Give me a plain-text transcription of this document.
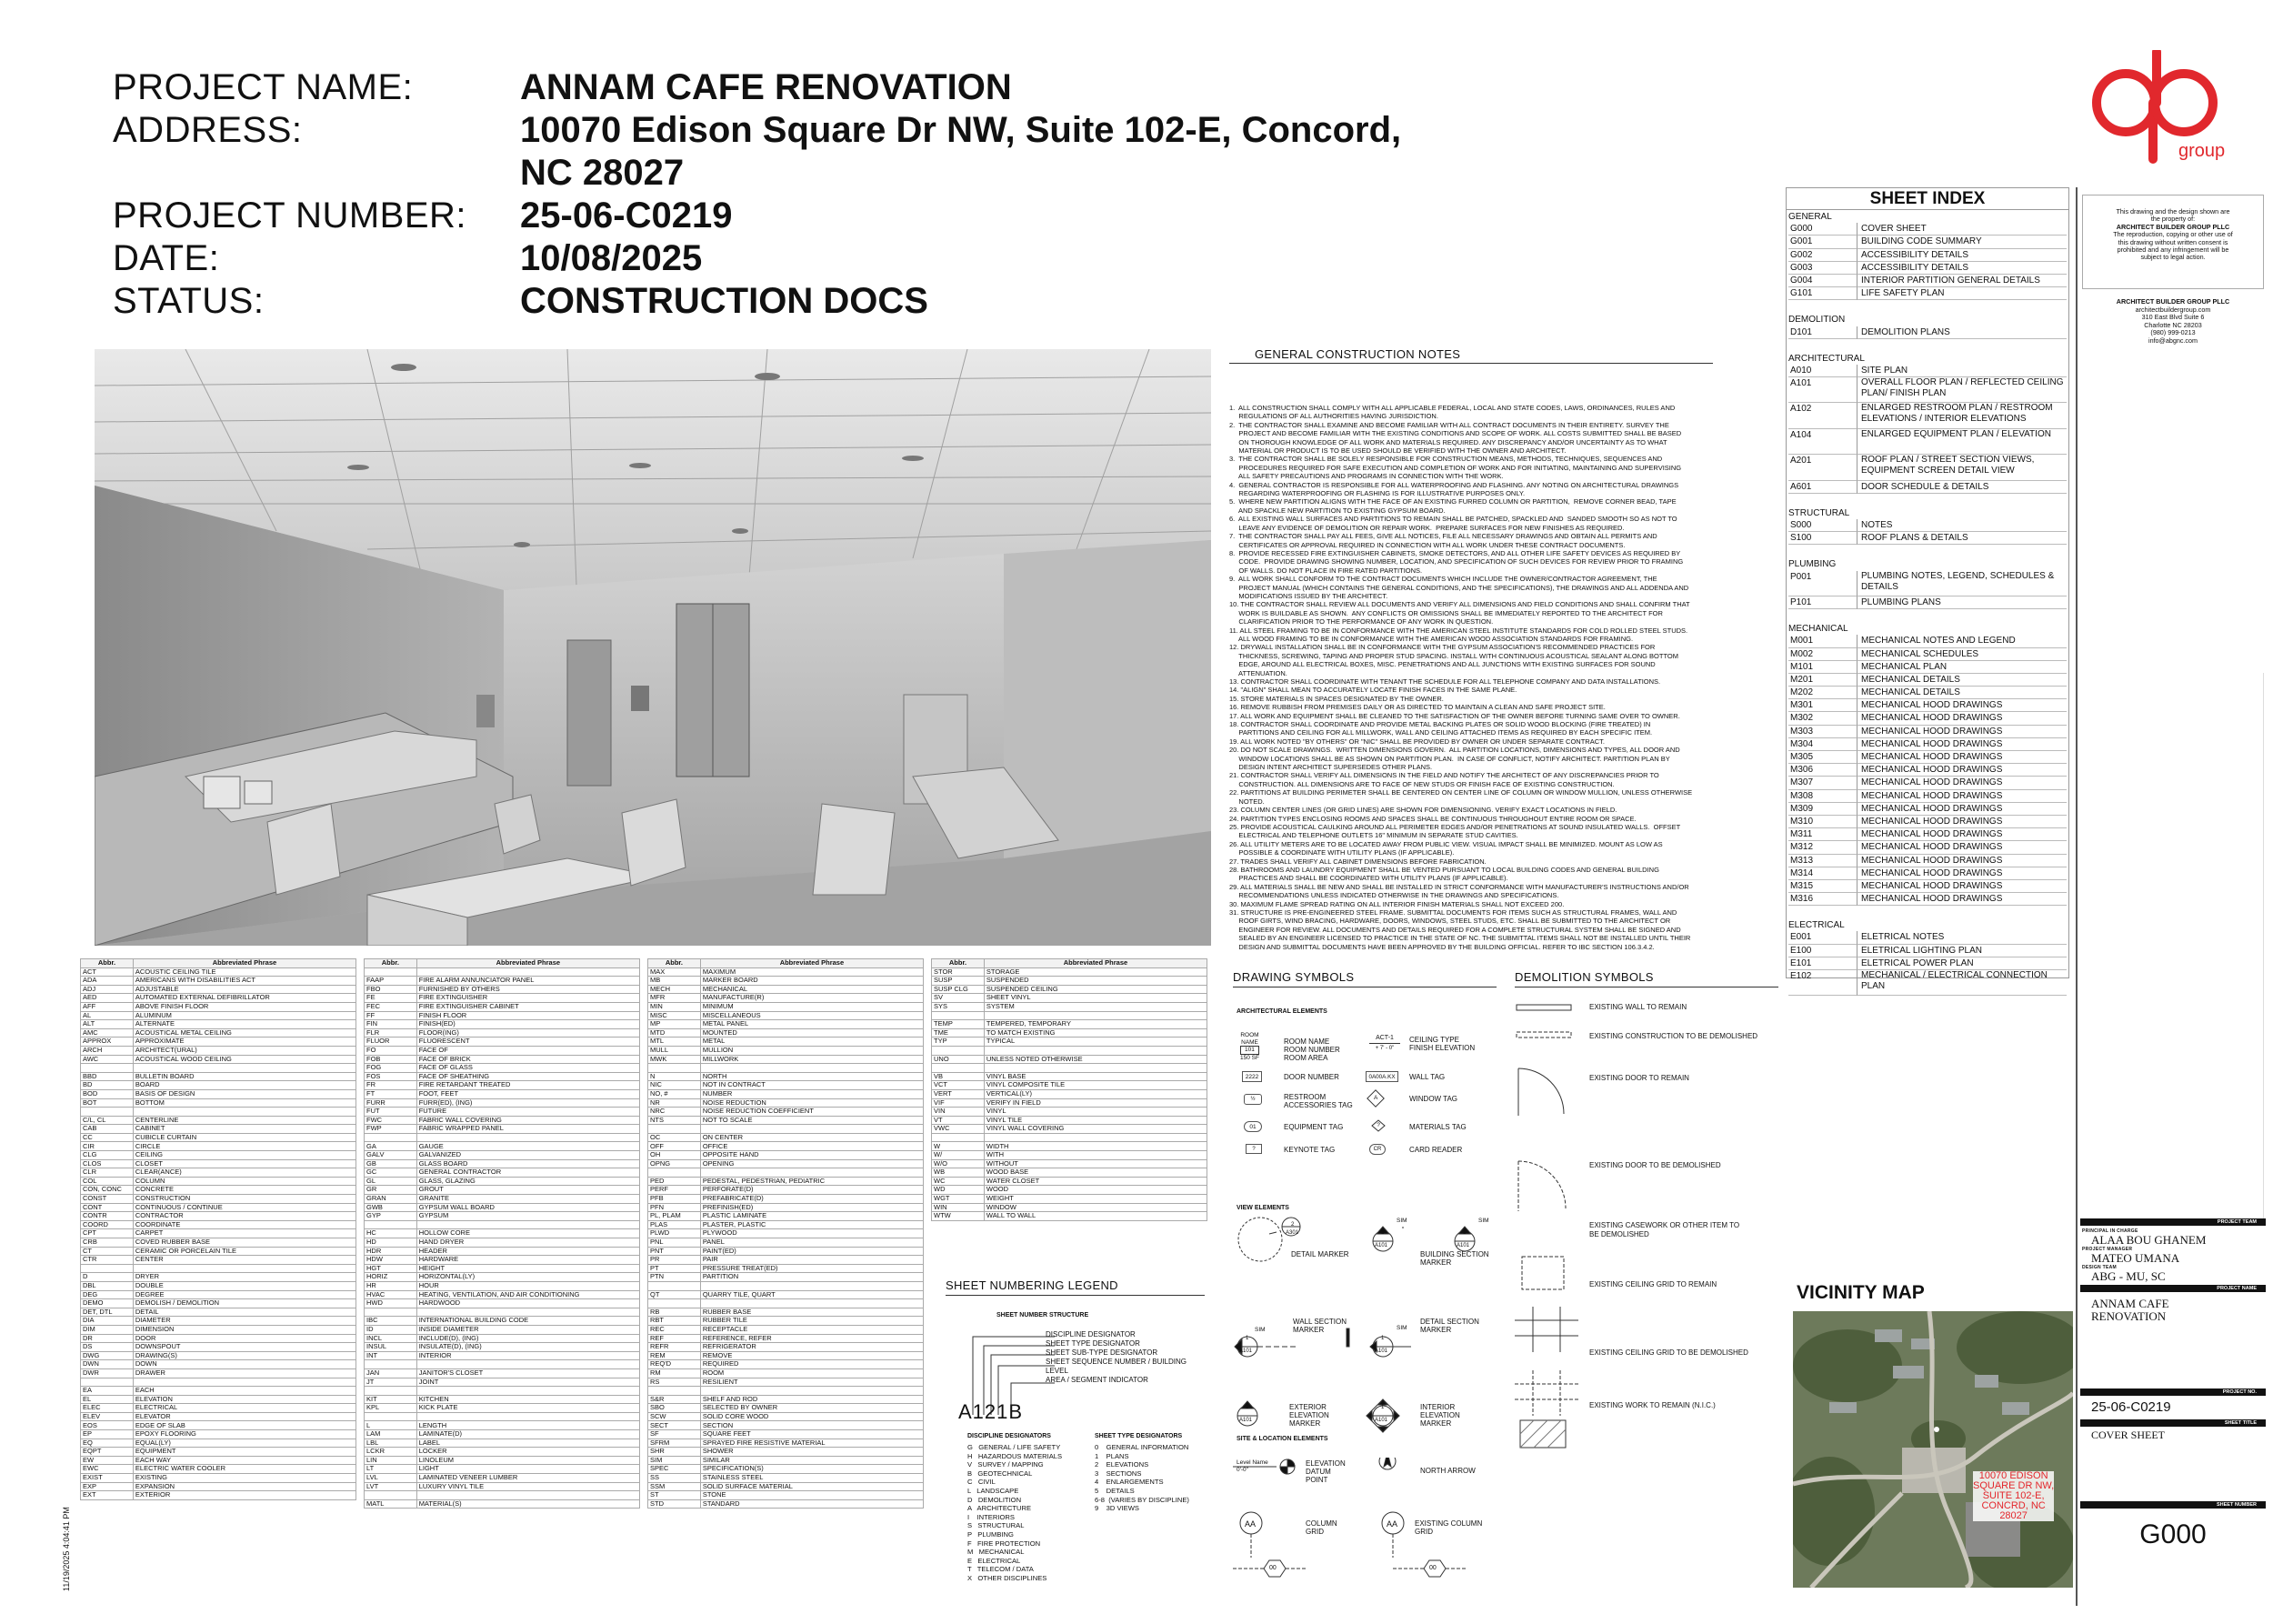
PROJECT NAME:	ANNAM CAFE RENOVATION
ADDRESS:	10070 Edison Square Dr NW, Suite 102-E, Concord,
NC 28027
PROJECT NUMBER: 25-06-C0219
DATE:	10/08/2025
STATUS:	CONSTRUCTION DOCS
group
GENERAL CONSTRUCTION NOTES
1.  ALL CONSTRUCTION SHALL COMPLY WITH ALL APPLICABLE FEDERAL, LOCAL AND STATE CODES, LAWS, ORDINANCES, RULES AND
REGULATIONS OF ALL AUTHORITIES HAVING JURISDICTION.
2.  THE CONTRACTOR SHALL EXAMINE AND BECOME FAMILIAR WITH ALL CONTRACT DOCUMENTS IN THEIR ENTIRETY. SURVEY THE
PROJECT AND BECOME FAMILIAR WITH THE EXISTING CONDITIONS AND SCOPE OF WORK. ALL COSTS SUBMITTED SHALL BE BASED
ON THOROUGH KNOWLEDGE OF ALL WORK AND MATERIALS REQUIRED. ANY DISCREPANCY AND/OR UNCERTAINTY AS TO WHAT
MATERIAL OR PRODUCT IS TO BE USED SHOULD BE VERIFIED WITH THE OWNER AND ARCHITECT.
3.  THE CONTRACTOR SHALL BE SOLELY RESPONSIBLE FOR CONSTRUCTION MEANS, METHODS, TECHNIQUES, SEQUENCES AND
PROCEDURES REQUIRED FOR SAFE EXECUTION AND COMPLETION OF WORK AND FOR INITIATING, MAINTAINING AND SUPERVISING
ALL SAFETY PRECAUTIONS AND PROGRAMS IN CONNECTION WITH THE WORK.
4.  GENERAL CONTRACTOR IS RESPONSIBLE FOR ALL WATERPROOFING AND FLASHING. ANY NOTING ON ARCHITECTURAL DRAWINGS
REGARDING WATERPROOFING OR FLASHING IS FOR ILLUSTRATIVE PURPOSES ONLY.
5.  WHERE NEW PARTITION ALIGNS WITH THE FACE OF AN EXISTING FURRED COLUMN OR PARTITION,  REMOVE CORNER BEAD, TAPE
AND SPACKLE NEW PARTITION TO EXISTING GYPSUM BOARD.
6.  ALL EXISTING WALL SURFACES AND PARTITIONS TO REMAIN SHALL BE PATCHED, SPACKLED AND  SANDED SMOOTH SO AS NOT TO
LEAVE ANY EVIDENCE OF DEMOLITION OR REPAIR WORK.  PREPARE SURFACES FOR NEW FINISHES AS REQUIRED.
7.  THE CONTRACTOR SHALL PAY ALL FEES, GIVE ALL NOTICES, FILE ALL NECESSARY DRAWINGS AND OBTAIN ALL PERMITS AND
CERTIFICATES OR APPROVAL REQUIRED IN CONNECTION WITH ALL WORK UNDER THESE CONTRACT DOCUMENTS.
8.  PROVIDE RECESSED FIRE EXTINGUISHER CABINETS, SMOKE DETECTORS, AND ALL OTHER LIFE SAFETY DEVICES AS REQUIRED BY
CODE.  PROVIDE DRAWING SHOWING NUMBER, LOCATION, AND SPECIFICATION OF SUCH DEVICES FOR REVIEW PRIOR TO FRAMING
OF WALLS. DO NOT PLACE IN FIRE RATED PARTITIONS.
9.  ALL WORK SHALL CONFORM TO THE CONTRACT DOCUMENTS WHICH INCLUDE THE OWNER/CONTRACTOR AGREEMENT, THE
PROJECT MANUAL (WHICH CONTAINS THE GENERAL CONDITIONS, AND THE SPECIFICATIONS), THE DRAWINGS AND ALL ADDENDA AND
MODIFICATIONS ISSUED BY THE ARCHITECT.
10. THE CONTRACTOR SHALL REVIEW ALL DOCUMENTS AND VERIFY ALL DIMENSIONS AND FIELD CONDITIONS AND SHALL CONFIRM THAT
WORK IS BUILDABLE AS SHOWN.  ANY CONFLICTS OR OMISSIONS SHALL BE IMMEDIATELY REPORTED TO THE ARCHITECT FOR
CLARIFICATION PRIOR TO THE PERFORMANCE OF ANY WORK IN QUESTION.
11. ALL STEEL FRAMING TO BE IN CONFORMANCE WITH THE AMERICAN STEEL INSTITUTE STANDARDS FOR COLD ROLLED STEEL STUDS.
ALL WOOD FRAMING TO BE IN CONFORMANCE WITH THE AMERICAN WOOD ASSOCIATION STANDARDS FOR FRAMING.
12. DRYWALL INSTALLATION SHALL BE IN CONFORMANCE WITH THE GYPSUM ASSOCIATION'S RECOMMENDED PRACTICES FOR
THICKNESS, SCREWING, TAPING AND PROPER STUD SPACING. INSTALL WITH CONTINUOUS ACOUSTICAL SEALANT ALONG BOTTOM
EDGE, AROUND ALL ELECTRICAL BOXES, MISC. PENETRATIONS AND ALL JUNCTIONS WITH EXISTING SURFACES FOR SOUND
ATTENUATION.
13. CONTRACTOR SHALL COORDINATE WITH TENANT THE SCHEDULE FOR ALL TELEPHONE COMPANY AND DATA INSTALLATIONS.
14. "ALIGN" SHALL MEAN TO ACCURATELY LOCATE FINISH FACES IN THE SAME PLANE.
15. STORE MATERIALS IN SPACES DESIGNATED BY THE OWNER.
16. REMOVE RUBBISH FROM PREMISES DAILY OR AS DIRECTED TO MAINTAIN A CLEAN AND SAFE PROJECT SITE.
17. ALL WORK AND EQUIPMENT SHALL BE CLEANED TO THE SATISFACTION OF THE OWNER BEFORE TURNING SAME OVER TO OWNER.
18. CONTRACTOR SHALL COORDINATE AND PROVIDE METAL BACKING PLATES OR SOLID WOOD BLOCKING (FIRE TREATED) IN
PARTITIONS AND CEILING FOR ALL MILLWORK, WALL AND CEILING ATTACHED ITEMS AS REQUIRED BY EACH SPECIFIC ITEM.
19. ALL WORK NOTED "BY OTHERS" OR "NIC" SHALL BE PROVIDED BY OWNER OR UNDER SEPARATE CONTRACT.
20. DO NOT SCALE DRAWINGS.  WRITTEN DIMENSIONS GOVERN.  ALL PARTITION LOCATIONS, DIMENSIONS AND TYPES, ALL DOOR AND
WINDOW LOCATIONS SHALL BE AS SHOWN ON PARTITION PLAN.  IN CASE OF CONFLICT, NOTIFY ARCHITECT. PARTITION PLAN BY
DESIGN INTENT ARCHITECT SUPERSEDES OTHER PLANS.
21. CONTRACTOR SHALL VERIFY ALL DIMENSIONS IN THE FIELD AND NOTIFY THE ARCHITECT OF ANY DISCREPANCIES PRIOR TO
CONSTRUCTION. ALL DIMENSIONS ARE TO FACE OF NEW STUDS OR FINISH FACE OF EXISTING CONSTRUCTION.
22. PARTITIONS AT BUILDING PERIMETER SHALL BE CENTERED ON CENTER LINE OF COLUMN OR WINDOW MULLION, UNLESS OTHERWISE
NOTED.
23. COLUMN CENTER LINES (OR GRID LINES) ARE SHOWN FOR DIMENSIONING. VERIFY EXACT LOCATIONS IN FIELD.
24. PARTITION TYPES ENCLOSING ROOMS AND SPACES SHALL BE CONTINUOUS THROUGHOUT ENTIRE ROOM OR SPACE.
25. PROVIDE ACOUSTICAL CAULKING AROUND ALL PERIMETER EDGES AND/OR PENETRATIONS AT SOUND INSULATED WALLS.  OFFSET
ELECTRICAL AND TELEPHONE OUTLETS 16" MINIMUM IN SEPARATE STUD CAVITIES.
26. ALL UTILITY METERS ARE TO BE LOCATED AWAY FROM PUBLIC VIEW. VISUAL IMPACT SHALL BE MINIMIZED. MOUNT AS LOW AS
POSSIBLE & COORDINATE WITH UTILITY PLANS (IF APPLICABLE).
27. TRADES SHALL VERIFY ALL CABINET DIMENSIONS BEFORE FABRICATION.
28. BATHROOMS AND LAUNDRY EQUIPMENT SHALL BE VENTED PURSUANT TO LOCAL BUILDING CODES AND GENERAL BUILDING
PRACTICES AND SHALL BE COORDINATED WITH UTILITY PLANS (IF APPLICABLE).
29. ALL MATERIALS SHALL BE NEW AND SHALL BE INSTALLED IN STRICT CONFORMANCE WITH MANUFACTURER'S INSTRUCTIONS AND/OR
RECOMMENDATIONS UNLESS INDICATED OTHERWISE IN THE DRAWINGS AND SPECIFICATIONS.
30. MAXIMUM FLAME SPREAD RATING ON ALL INTERIOR FINISH MATERIALS SHALL NOT EXCEED 200.
31. STRUCTURE IS PRE-ENGINEERED STEEL FRAME. SUBMITTAL DOCUMENTS FOR ITEMS SUCH AS STRUCTURAL FRAMES, WALL AND
ROOF GIRTS, WIND BRACING, HARDWARE, DOORS, WINDOWS, STEEL STUDS, ETC. SHALL BE SUBMITTED TO THE ARCHITECT OR
ENGINEER FOR REVIEW. ALL DOCUMENTS AND DETAILS REQUIRED FOR A COMPLETE STRUCTURAL SYSTEM SHALL BE SIGNED AND
SEALED BY AN ENGINEER LICENSED TO PRACTICE IN THE STATE OF NC. THE SUBMITTAL ITEMS SHALL NOT BE INSTALLED UNTIL THEIR
DESIGN AND SUBMITTAL DOCUMENTS HAVE BEEN APPROVED BY THE BUILDING OFFICIAL. REFER TO IBC SECTION 106.3.4.2.
SHEET INDEX
GENERAL
G000	COVER SHEET
G001	BUILDING CODE SUMMARY
G002	ACCESSIBILITY DETAILS
G003	ACCESSIBILITY DETAILS
G004	INTERIOR PARTITION GENERAL DETAILS
G101	LIFE SAFETY PLAN
DEMOLITION
D101	DEMOLITION PLANS
ARCHITECTURAL
A010	SITE PLAN
A101	OVERALL FLOOR PLAN / REFLECTED CEILING PLAN/ FINISH PLAN
A102	ENLARGED RESTROOM PLAN / RESTROOM ELEVATIONS / INTERIOR ELEVATIONS
A104	ENLARGED EQUIPMENT PLAN / ELEVATION
A201	ROOF PLAN / STREET SECTION VIEWS, EQUIPMENT SCREEN DETAIL VIEW
A601	DOOR SCHEDULE & DETAILS
STRUCTURAL
S000	NOTES
S100	ROOF PLANS & DETAILS
PLUMBING
P001	PLUMBING NOTES, LEGEND, SCHEDULES & DETAILS
P101	PLUMBING PLANS
MECHANICAL
M001	MECHANICAL NOTES AND LEGEND
M002	MECHANICAL SCHEDULES
M101	MECHANICAL PLAN
M201	MECHANICAL DETAILS
M202	MECHANICAL DETAILS
M301	MECHANICAL HOOD DRAWINGS
M302	MECHANICAL HOOD DRAWINGS
M303	MECHANICAL HOOD DRAWINGS
M304	MECHANICAL HOOD DRAWINGS
M305	MECHANICAL HOOD DRAWINGS
M306	MECHANICAL HOOD DRAWINGS
M307	MECHANICAL HOOD DRAWINGS
M308	MECHANICAL HOOD DRAWINGS
M309	MECHANICAL HOOD DRAWINGS
M310	MECHANICAL HOOD DRAWINGS
M311	MECHANICAL HOOD DRAWINGS
M312	MECHANICAL HOOD DRAWINGS
M313	MECHANICAL HOOD DRAWINGS
M314	MECHANICAL HOOD DRAWINGS
M315	MECHANICAL HOOD DRAWINGS
M316	MECHANICAL HOOD DRAWINGS
ELECTRICAL
E001	ELETRICAL NOTES
E100	ELETRICAL LIGHTING PLAN
E101	ELETRICAL POWER PLAN
E102	MECHANICAL / ELECTRICAL CONNECTION PLAN
This drawing and the design shown are
the property of:
ARCHITECT BUILDER GROUP PLLC
The reproduction, copying or other use of
this drawing without written consent is
prohibited and any infringement will be
subject to legal action.
ARCHITECT BUILDER GROUP PLLC
architectbuildergroup.com
310 East Blvd Suite 6
Charlotte NC 28203
(980) 999-0213
info@abgnc.com
Abbr.	Abbreviated Phrase
ACT	ACOUSTIC CEILING TILE
ADA	AMERICANS WITH DISABILITIES ACT
ADJ	ADJUSTABLE
AED	AUTOMATED EXTERNAL DEFIBRILLATOR
AFF	ABOVE FINISH FLOOR
AL	ALUMINUM
ALT	ALTERNATE
AMC	ACOUSTICAL METAL CEILING
APPROX	APPROXIMATE
ARCH	ARCHITECT(URAL)
AWC	ACOUSTICAL WOOD CEILING

BBD	BULLETIN BOARD
BD	BOARD
BOD	BASIS OF DESIGN
BOT	BOTTOM

C/L, CL	CENTERLINE
CAB	CABINET
CC	CUBICLE CURTAIN
CIR	CIRCLE
CLG	CEILING
CLOS	CLOSET
CLR	CLEAR(ANCE)
COL	COLUMN
CON, CONC	CONCRETE
CONST	CONSTRUCTION
CONT	CONTINUOUS / CONTINUE
CONTR	CONTRACTOR
COORD	COORDINATE
CPT	CARPET
CRB	COVED RUBBER BASE
CT	CERAMIC OR PORCELAIN TILE
CTR	CENTER

D	DRYER
DBL	DOUBLE
DEG	DEGREE
DEMO	DEMOLISH / DEMOLITION
DET, DTL	DETAIL
DIA	DIAMETER
DIM	DIMENSION
DR	DOOR
DS	DOWNSPOUT
DWG	DRAWING(S)
DWN	DOWN
DWR	DRAWER

EA	EACH
EL	ELEVATION
ELEC	ELECTRICAL
ELEV	ELEVATOR
EOS	EDGE OF SLAB
EP	EPOXY FLOORING
EQ	EQUAL(LY)
EQPT	EQUIPMENT
EW	EACH WAY
EWC	ELECTRIC WATER COOLER
EXIST	EXISTING
EXP	EXPANSION
EXT	EXTERIOR
Abbr.	Abbreviated Phrase

FAAP	FIRE ALARM ANNUNCIATOR PANEL
FBO	FURNISHED BY OTHERS
FE	FIRE EXTINGUISHER
FEC	FIRE EXTINGUISHER CABINET
FF	FINISH FLOOR
FIN	FINISH(ED)
FLR	FLOOR(ING)
FLUOR	FLUORESCENT
FO	FACE OF
FOB	FACE OF BRICK
FOG	FACE OF GLASS
FOS	FACE OF SHEATHING
FR	FIRE RETARDANT TREATED
FT	FOOT, FEET
FURR	FURR(ED), (ING)
FUT	FUTURE
FWC	FABRIC WALL COVERING
FWP	FABRIC WRAPPED PANEL

GA	GAUGE
GALV	GALVANIZED
GB	GLASS BOARD
GC	GENERAL CONTRACTOR
GL	GLASS, GLAZING
GR	GROUT
GRAN	GRANITE
GWB	GYPSUM WALL BOARD
GYP	GYPSUM

HC	HOLLOW CORE
HD	HAND DRYER
HDR	HEADER
HDW	HARDWARE
HGT	HEIGHT
HORIZ	HORIZONTAL(LY)
HR	HOUR
HVAC	HEATING, VENTILATION, AND AIR CONDITIONING
HWD	HARDWOOD

IBC	INTERNATIONAL BUILDING CODE
ID	INSIDE DIAMETER
INCL	INCLUDE(D), (ING)
INSUL	INSULATE(D), (ING)
INT	INTERIOR

JAN	JANITOR'S CLOSET
JT	JOINT

KIT	KITCHEN
KPL	KICK PLATE

L	LENGTH
LAM	LAMINATE(D)
LBL	LABEL
LCKR	LOCKER
LIN	LINOLEUM
LT	LIGHT
LVL	LAMINATED VENEER LUMBER
LVT	LUXURY VINYL TILE

MATL	MATERIAL(S)
Abbr.	Abbreviated Phrase
MAX	MAXIMUM
MB	MARKER BOARD
MECH	MECHANICAL
MFR	MANUFACTURE(R)
MIN	MINIMUM
MISC	MISCELLANEOUS
MP	METAL PANEL
MTD	MOUNTED
MTL	METAL
MULL	MULLION
MWK	MILLWORK

N	NORTH
NIC	NOT IN CONTRACT
NO, #	NUMBER
NR	NOISE REDUCTION
NRC	NOISE REDUCTION COEFFICIENT
NTS	NOT TO SCALE

OC	ON CENTER
OFF	OFFICE
OH	OPPOSITE HAND
OPNG	OPENING

PED	PEDESTAL, PEDESTRIAN, PEDIATRIC
PERF	PERFORATE(D)
PFB	PREFABRICATE(D)
PFN	PREFINISH(ED)
PL, PLAM	PLASTIC LAMINATE
PLAS	PLASTER, PLASTIC
PLWD	PLYWOOD
PNL	PANEL
PNT	PAINT(ED)
PR	PAIR
PT	PRESSURE TREAT(ED)
PTN	PARTITION

QT	QUARRY TILE, QUART

RB	RUBBER BASE
RBT	RUBBER TILE
REC	RECEPTACLE
REF	REFERENCE, REFER
REFR	REFRIGERATOR
REM	REMOVE
REQ'D	REQUIRED
RM	ROOM
RS	RESILIENT

S&R	SHELF AND ROD
SBO	SELECTED BY OWNER
SCW	SOLID CORE WOOD
SECT	SECTION
SF	SQUARE FEET
SFRM	SPRAYED FIRE RESISTIVE MATERIAL
SHR	SHOWER
SIM	SIMILAR
SPEC	SPECIFICATION(S)
SS	STAINLESS STEEL
SSM	SOLID SURFACE MATERIAL
ST	STONE
STD	STANDARD
Abbr.	Abbreviated Phrase
STOR	STORAGE
SUSP	SUSPENDED
SUSP CLG	SUSPENDED CEILING
SV	SHEET VINYL
SYS	SYSTEM

TEMP	TEMPERED, TEMPORARY
TME	TO MATCH EXISTING
TYP	TYPICAL

UNO	UNLESS NOTED OTHERWISE

VB	VINYL BASE
VCT	VINYL COMPOSITE TILE
VERT	VERTICAL(LY)
VIF	VERIFY IN FIELD
VIN	VINYL
VT	VINYL TILE
VWC	VINYL WALL COVERING

W	WIDTH
W/	WITH
W/O	WITHOUT
WB	WOOD BASE
WC	WATER CLOSET
WD	WOOD
WGT	WEIGHT
WIN	WINDOW
WTW	WALL TO WALL
SHEET NUMBERING LEGEND
SHEET NUMBER STRUCTURE
DISCIPLINE DESIGNATOR
SHEET TYPE DESIGNATOR
SHEET SUB-TYPE DESIGNATOR
SHEET SEQUENCE NUMBER / BUILDING LEVEL
AREA / SEGMENT INDICATOR
A121B
DISCIPLINE DESIGNATORS
G   GENERAL / LIFE SAFETY
H   HAZARDOUS MATERIALS
V   SURVEY / MAPPING
B   GEOTECHNICAL
C   CIVIL
L   LANDSCAPE
D   DEMOLITION
A   ARCHITECTURE
I    INTERIORS
S   STRUCTURAL
P   PLUMBING
F   FIRE PROTECTION
M   MECHANICAL
E   ELECTRICAL
T   TELECOM / DATA
X   OTHER DISCIPLINES
SHEET TYPE DESIGNATORS
0    GENERAL INFORMATION
1    PLANS
2    ELEVATIONS
3    SECTIONS
4    ENLARGEMENTS
5    DETAILS
6-8  (VARIES BY DISCIPLINE)
9    3D VIEWS
DRAWING SYMBOLS
ARCHITECTURAL ELEMENTS
ROOM
NAME
101
150 SF
ROOM NAME
ROOM NUMBER
ROOM AREA
ACT-1
+ 7' - 0"
CEILING TYPE
FINISH ELEVATION
2222	DOOR NUMBER	0A00A.KX	WALL TAG
½	RESTROOM
ACCESSORIES TAG
A	WINDOW TAG
01	EQUIPMENT TAG	?	MATERIALS TAG
?	KEYNOTE TAG	CR	CARD READER
VIEW ELEMENTS
2
A301
DETAIL MARKER
SIM
1
A101
SIM
1
A101
BUILDING SECTION
MARKER
SIM
1
A101
WALL SECTION
MARKER	SIM
1
A101
DETAIL SECTION
MARKER
1
A101
EXTERIOR
ELEVATION
MARKER
1
A101
INTERIOR
ELEVATION
MARKER
SITE & LOCATION ELEMENTS
Level Name
0'-0"
ELEVATION
DATUM
POINT
NORTH ARROW
AA
00
COLUMN
GRID
AA
00
EXISTING COLUMN
GRID
DEMOLITION SYMBOLS
EXISTING WALL TO REMAIN
EXISTING CONSTRUCTION TO BE DEMOLISHED
EXISTING DOOR TO REMAIN
EXISTING DOOR TO BE DEMOLISHED
EXISTING CASEWORK OR OTHER ITEM TO
BE DEMOLISHED
EXISTING CEILING GRID TO REMAIN
EXISTING CEILING GRID TO BE DEMOLISHED
EXISTING WORK TO REMAIN (N.I.C.)
VICINITY MAP
10070 EDISON
SQUARE DR NW,
SUITE 102-E,
CONCRD, NC
28027
PROJECT TEAM
PRINCIPAL IN CHARGE
ALAA BOU GHANEM
PROJECT MANAGER
MATEO UMANA
DESIGN TEAM
ABG - MU, SC
PROJECT NAME
ANNAM CAFE
RENOVATION
PROJECT NO.
25-06-C0219
SHEET TITLE
COVER SHEET
SHEET NUMBER
G000
11/19/2025 4:04:41 PM
